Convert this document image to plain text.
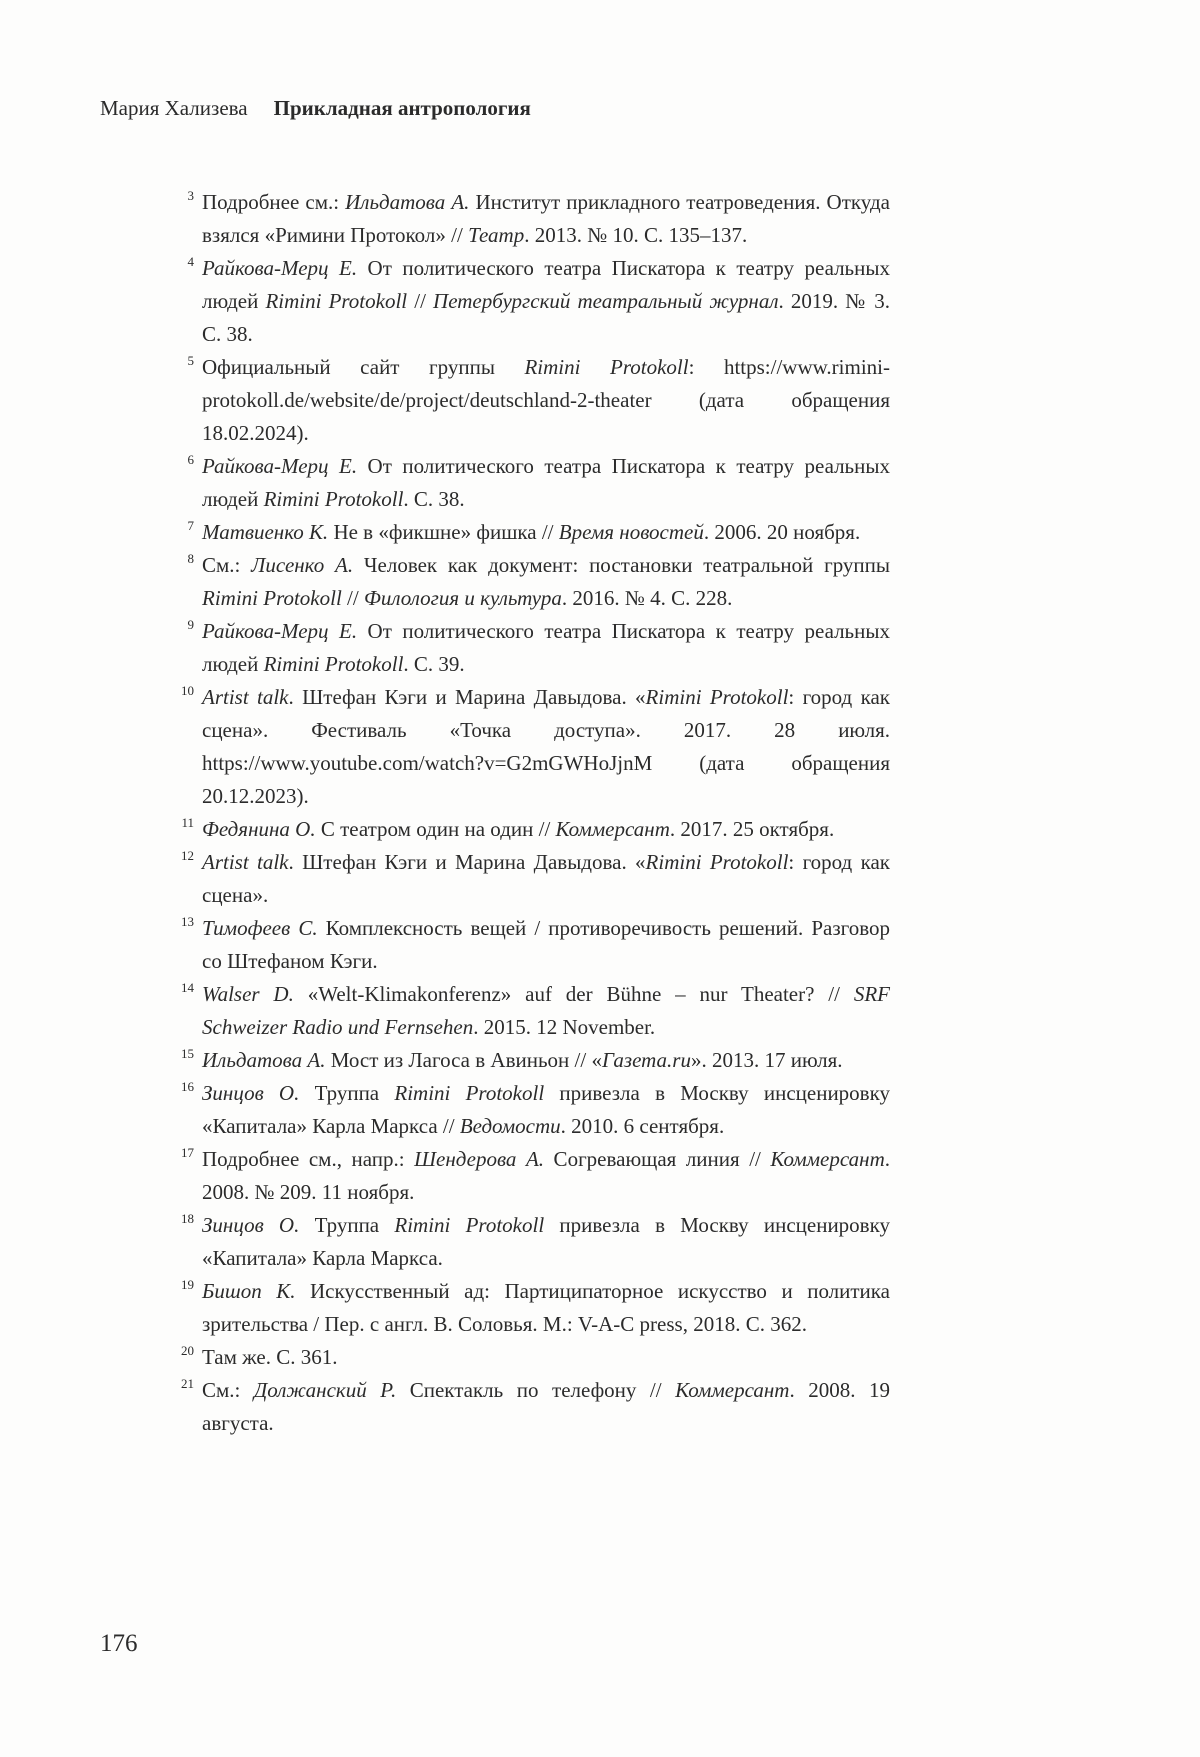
Мария Хализева Прикладная антропология
3 Подробнее см.: Ильдатова А. Институт прикладного театроведения. Откуда взялся «Римини Протокол» // Театр. 2013. № 10. С. 135–137.
4 Райкова-Мерц Е. От политического театра Пискатора к театру реальных людей Rimini Protokoll // Петербургский театральный журнал. 2019. № 3. С. 38.
5 Официальный сайт группы Rimini Protokoll: https://www.rimini-protokoll.de/website/de/project/deutschland-2-theater (дата обращения 18.02.2024).
6 Райкова-Мерц Е. От политического театра Пискатора к театру реальных людей Rimini Protokoll. С. 38.
7 Матвиенко К. Не в «фикшне» фишка // Время новостей. 2006. 20 ноября.
8 См.: Лисенко А. Человек как документ: постановки театральной группы Rimini Protokoll // Филология и культура. 2016. № 4. С. 228.
9 Райкова-Мерц Е. От политического театра Пискатора к театру реальных людей Rimini Protokoll. С. 39.
10 Artist talk. Штефан Кэги и Марина Давыдова. «Rimini Protokoll: город как сцена». Фестиваль «Точка доступа». 2017. 28 июля. https://www.youtube.com/watch?v=G2mGWHoJjnM (дата обращения 20.12.2023).
11 Федянина О. С театром один на один // Коммерсант. 2017. 25 октября.
12 Artist talk. Штефан Кэги и Марина Давыдова. «Rimini Protokoll: город как сцена».
13 Тимофеев С. Комплексность вещей / противоречивость решений. Разговор со Штефаном Кэги.
14 Walser D. «Welt-Klimakonferenz» auf der Bühne – nur Theater? // SRF Schweizer Radio und Fernsehen. 2015. 12 November.
15 Ильдатова А. Мост из Лагоса в Авиньон // «Газета.ru». 2013. 17 июля.
16 Зинцов О. Труппа Rimini Protokoll привезла в Москву инсценировку «Капитала» Карла Маркса // Ведомости. 2010. 6 сентября.
17 Подробнее см., напр.: Шендерова А. Согревающая линия // Коммерсант. 2008. № 209. 11 ноября.
18 Зинцов О. Труппа Rimini Protokoll привезла в Москву инсценировку «Капитала» Карла Маркса.
19 Бишоп К. Искусственный ад: Партиципаторное искусство и политика зрительства / Пер. с англ. В. Соловья. М.: V-A-C press, 2018. С. 362.
20 Там же. С. 361.
21 См.: Должанский Р. Спектакль по телефону // Коммерсант. 2008. 19 августа.
176
